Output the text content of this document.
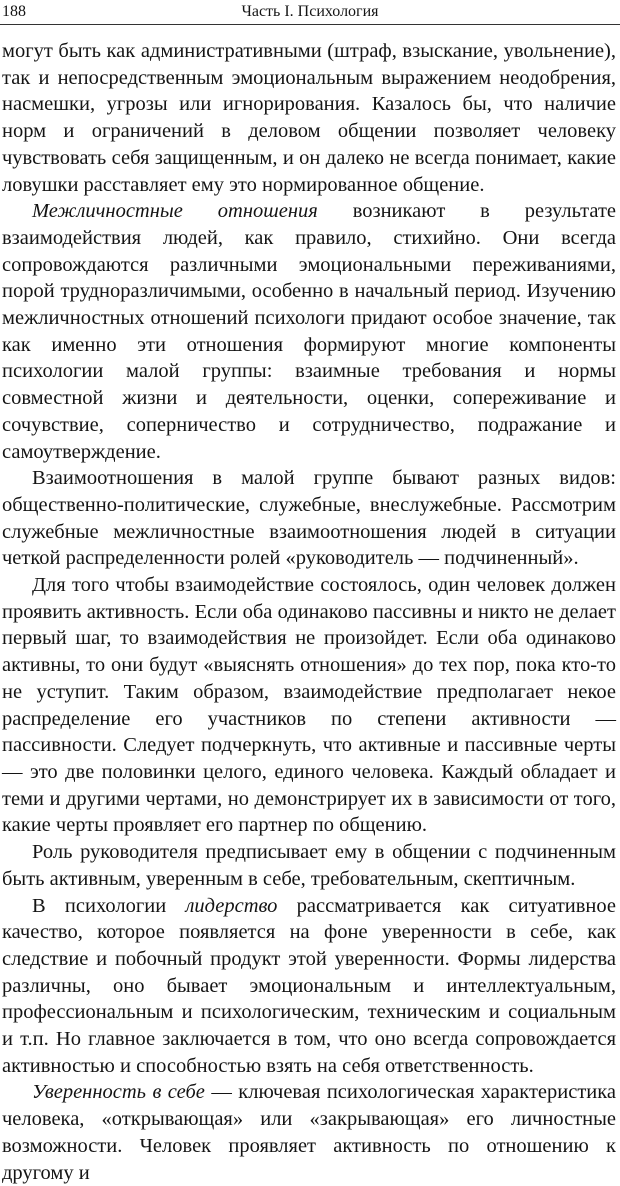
188	Часть I. Психология

могут быть как административными (штраф, взыскание, увольнение), так и непосредственным эмоциональным выражением неодобрения, насмешки, угрозы или игнорирования. Казалось бы, что наличие норм и ограничений в деловом общении позволяет человеку чувствовать себя защищенным, и он далеко не всегда понимает, какие ловушки расставляет ему это нормированное общение.

Межличностные отношения возникают в результате взаимодействия людей, как правило, стихийно. Они всегда сопровождаются различными эмоциональными переживаниями, порой трудноразличимыми, особенно в начальный период. Изучению межличностных отношений психологи придают особое значение, так как именно эти отношения формируют многие компоненты психологии малой группы: взаимные требования и нормы совместной жизни и деятельности, оценки, сопереживание и сочувствие, соперничество и сотрудничество, подражание и самоутверждение.

Взаимоотношения в малой группе бывают разных видов: общественно-политические, служебные, внеслужебные. Рассмотрим служебные межличностные взаимоотношения людей в ситуации четкой распределенности ролей «руководитель — подчиненный».

Для того чтобы взаимодействие состоялось, один человек должен проявить активность. Если оба одинаково пассивны и никто не делает первый шаг, то взаимодействия не произойдет. Если оба одинаково активны, то они будут «выяснять отношения» до тех пор, пока кто-то не уступит. Таким образом, взаимодействие предполагает некое распределение его участников по степени активности — пассивности. Следует подчеркнуть, что активные и пассивные черты — это две половинки целого, единого человека. Каждый обладает и теми и другими чертами, но демонстрирует их в зависимости от того, какие черты проявляет его партнер по общению.

Роль руководителя предписывает ему в общении с подчиненным быть активным, уверенным в себе, требовательным, скептичным.

В психологии лидерство рассматривается как ситуативное качество, которое появляется на фоне уверенности в себе, как следствие и побочный продукт этой уверенности. Формы лидерства различны, оно бывает эмоциональным и интеллектуальным, профессиональным и психологическим, техническим и социальным и т.п. Но главное заключается в том, что оно всегда сопровождается активностью и способностью взять на себя ответственность.

Уверенность в себе — ключевая психологическая характеристика человека, «открывающая» или «закрывающая» его личностные возможности. Человек проявляет активность по отношению к другому и
